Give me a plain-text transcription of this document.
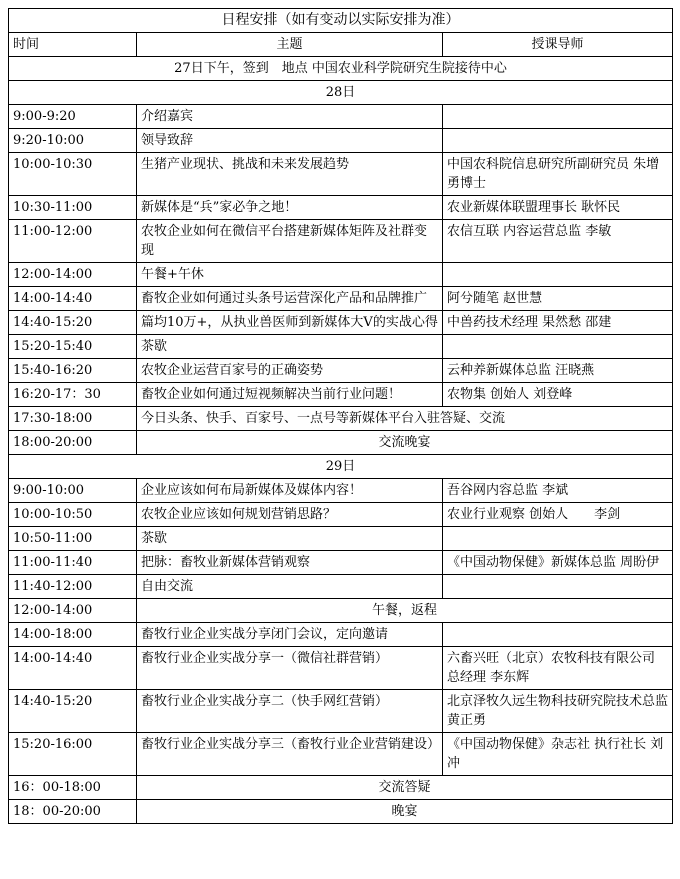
日程安排（如有变动以实际安排为准）		
时间	主题	授课导师
27日下午，签到　地点 中国农业科学院研究生院接待中心		
28日		
9:00-9:20	介绍嘉宾	
9:20-10:00	领导致辞	
10:00-10:30	生猪产业现状、挑战和未来发展趋势	中国农科院信息研究所副研究员 朱增勇博士
10:30-11:00	新媒体是“兵”家必争之地！	农业新媒体联盟理事长 耿怀民
11:00-12:00	农牧企业如何在微信平台搭建新媒体矩阵及社群变现	农信互联 内容运营总监 李敏
12:00-14:00	午餐+午休	
14:00-14:40	畜牧企业如何通过头条号运营深化产品和品牌推广	阿兮随笔 赵世慧
14:40-15:20	篇均10万+，从执业兽医师到新媒体大V的实战心得	中兽药技术经理 果然愁 邵建
15:20-15:40	茶歇	
15:40-16:20	农牧企业运营百家号的正确姿势	云种养新媒体总监 汪晓燕
16:20-17：30	畜牧企业如何通过短视频解决当前行业问题！	农物集 创始人 刘登峰
17:30-18:00	今日头条、快手、百家号、一点号等新媒体平台入驻答疑、交流	
18:00-20:00	交流晚宴	
29日		
9:00-10:00	企业应该如何布局新媒体及媒体内容！	吾谷网内容总监 李斌
10:00-10:50	农牧企业应该如何规划营销思路？	农业行业观察 创始人　　李剑
10:50-11:00	茶歇	
11:00-11:40	把脉：畜牧业新媒体营销观察	《中国动物保健》新媒体总监 周盼伊
11:40-12:00	自由交流	
12:00-14:00	午餐，返程	
14:00-18:00	畜牧行业企业实战分享闭门会议，定向邀请	
14:00-14:40	畜牧行业企业实战分享一（微信社群营销）	六畜兴旺（北京）农牧科技有限公司 总经理 李东辉
14:40-15:20	畜牧行业企业实战分享二（快手网红营销）	北京泽牧久远生物科技研究院技术总监 黄正勇
15:20-16:00	畜牧行业企业实战分享三（畜牧行业企业营销建设）	《中国动物保健》杂志社 执行社长 刘冲
16：00-18:00	交流答疑	
18：00-20:00	晚宴	
